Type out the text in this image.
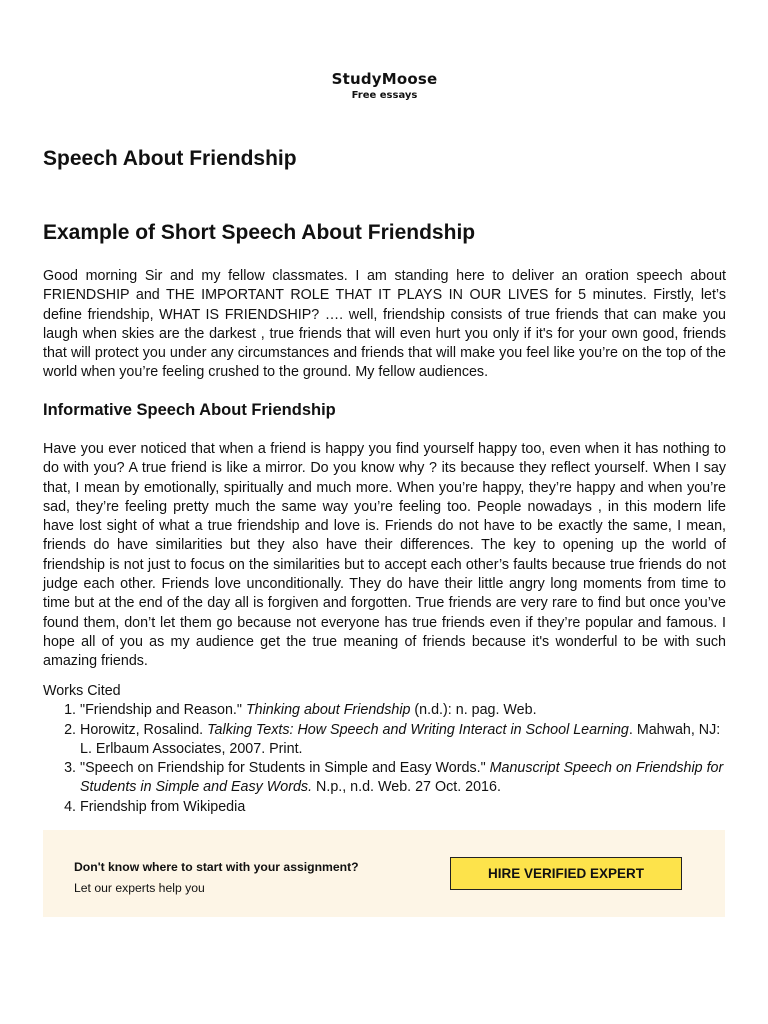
StudyMoose
Free essays
Speech About Friendship
Example of Short Speech About Friendship

Good morning Sir and my fellow classmates. I am standing here to deliver an oration speech about FRIENDSHIP and THE IMPORTANT ROLE THAT IT PLAYS IN OUR LIVES for 5 minutes. Firstly, let’s define friendship, WHAT IS FRIENDSHIP? …. well, friendship consists of true friends that can make you laugh when skies are the darkest , true friends that will even hurt you only if it's for your own good, friends that will protect you under any circumstances and friends that will make you feel like you’re on the top of the world when you’re feeling crushed to the ground. My fellow audiences.

Informative Speech About Friendship

Have you ever noticed that when a friend is happy you find yourself happy too, even when it has nothing to do with you? A true friend is like a mirror. Do you know why ? its because they reflect yourself. When I say that, I mean by emotionally, spiritually and much more. When you’re happy, they’re happy and when you’re sad, they’re feeling pretty much the same way you’re feeling too. People nowadays , in this modern life have lost sight of what a true friendship and love is. Friends do not have to be exactly the same, I mean, friends do have similarities but they also have their differences. The key to opening up the world of friendship is not just to focus on the similarities but to accept each other’s faults because true friends do not judge each other. Friends love unconditionally. They do have their little angry long moments from time to time but at the end of the day all is forgiven and forgotten. True friends are very rare to find but once you’ve found them, don’t let them go because not everyone has true friends even if they’re popular and famous. I hope all of you as my audience get the true meaning of friends because it's wonderful to be with such amazing friends.

Works Cited
1. "Friendship and Reason." Thinking about Friendship (n.d.): n. pag. Web.
2. Horowitz, Rosalind. Talking Texts: How Speech and Writing Interact in School Learning. Mahwah, NJ: L. Erlbaum Associates, 2007. Print.
3. "Speech on Friendship for Students in Simple and Easy Words." Manuscript Speech on Friendship for Students in Simple and Easy Words. N.p., n.d. Web. 27 Oct. 2016.
4. Friendship from Wikipedia
Don't know where to start with your assignment?
Let our experts help you
HIRE VERIFIED EXPERT
